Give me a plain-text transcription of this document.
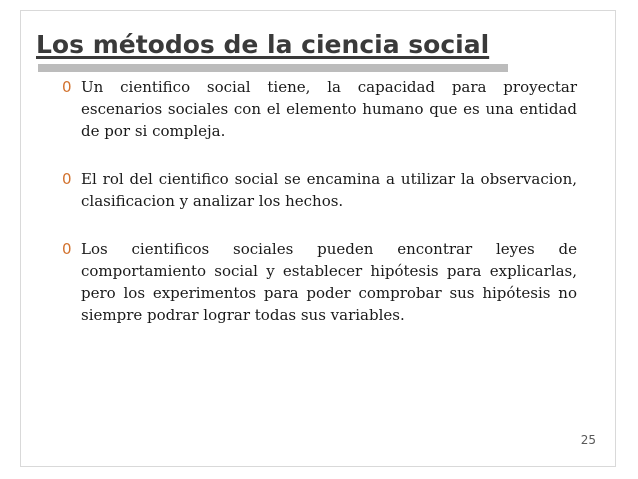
Los métodos de la ciencia social
0 Un cientifico social tiene, la capacidad para proyectar escenarios sociales con el elemento humano que es una entidad de por si compleja.
0 El rol del cientifico social se encamina a utilizar la observacion, clasificacion y analizar los hechos.
0 Los cientificos sociales pueden encontrar leyes de comportamiento social y establecer hipótesis para explicarlas, pero los experimentos para poder comprobar sus hipótesis no siempre podrar lograr todas sus variables.
25
